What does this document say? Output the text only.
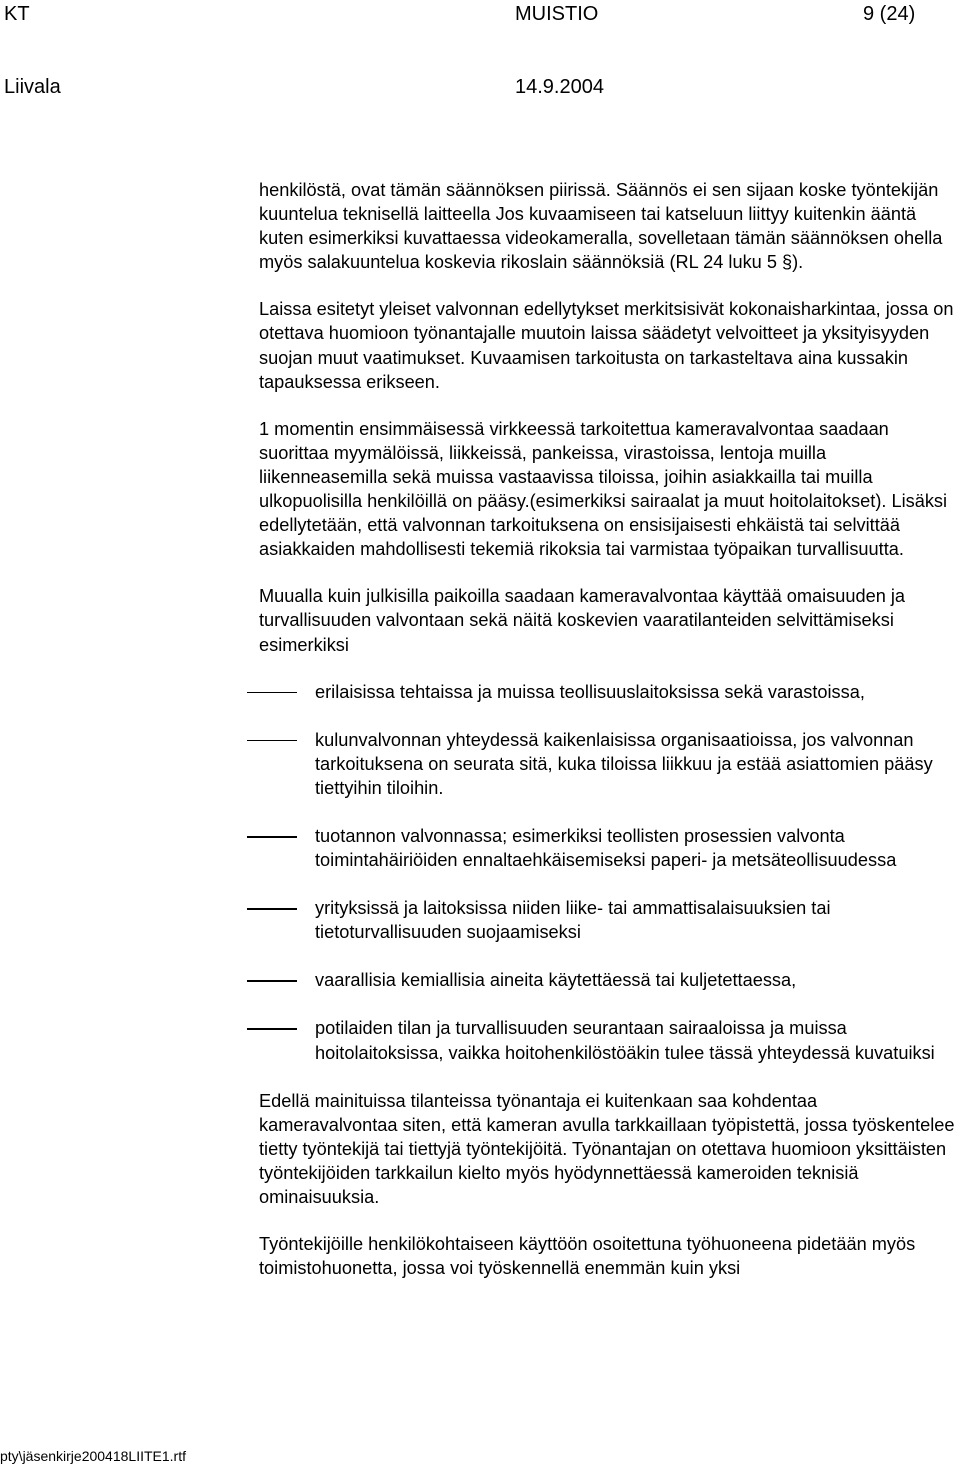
KT	MUISTIO	9 (24)
Liivala	14.9.2004

henkilöstä, ovat tämän säännöksen piirissä. Säännös ei sen sijaan koske työntekijän kuuntelua teknisellä laitteella Jos kuvaamiseen tai katseluun liittyy kuitenkin ääntä kuten esimerkiksi kuvattaessa videokameralla, sovelletaan tämän säännöksen ohella myös salakuuntelua koskevia rikoslain säännöksiä (RL 24 luku 5 §).

Laissa esitetyt yleiset valvonnan edellytykset merkitsisivät kokonaisharkintaa, jossa on otettava huomioon työnantajalle muutoin laissa säädetyt velvoitteet ja yksityisyyden suojan muut vaatimukset. Kuvaamisen tarkoitusta on tarkasteltava aina kussakin tapauksessa erikseen.

1 momentin ensimmäisessä virkkeessä tarkoitettua kameravalvontaa saadaan suorittaa myymälöissä, liikkeissä, pankeissa, virastoissa, lentoja muilla liikenneasemilla sekä muissa vastaavissa tiloissa, joihin asiakkailla tai muilla ulkopuolisilla henkilöillä on pääsy.(esimerkiksi sairaalat ja muut hoitolaitokset). Lisäksi edellytetään, että valvonnan tarkoituksena on ensisijaisesti ehkäistä tai selvittää asiakkaiden mahdollisesti tekemiä rikoksia tai varmistaa työpaikan turvallisuutta.

Muualla kuin julkisilla paikoilla saadaan kameravalvontaa käyttää omaisuuden ja turvallisuuden valvontaan sekä näitä koskevien vaaratilanteiden selvittämiseksi esimerkiksi

erilaisissa tehtaissa ja muissa teollisuuslaitoksissa sekä varastoissa,
kulunvalvonnan yhteydessä kaikenlaisissa organisaatioissa, jos valvonnan tarkoituksena on seurata sitä, kuka tiloissa liikkuu ja estää asiattomien pääsy tiettyihin tiloihin.
tuotannon valvonnassa; esimerkiksi teollisten prosessien valvonta toimintahäiriöiden ennaltaehkäisemiseksi paperi- ja metsäteollisuudessa
yrityksissä ja laitoksissa niiden liike- tai ammattisalaisuuksien tai tietoturvallisuuden suojaamiseksi
vaarallisia kemiallisia aineita käytettäessä tai kuljetettaessa,
potilaiden tilan ja turvallisuuden seurantaan sairaaloissa ja muissa hoitolaitoksissa, vaikka hoitohenkilöstöäkin tulee tässä yhteydessä kuvatuiksi

Edellä mainituissa tilanteissa työnantaja ei kuitenkaan saa kohdentaa kameravalvontaa siten, että kameran avulla tarkkaillaan työpistettä, jossa työskentelee tietty työntekijä tai tiettyjä työntekijöitä. Työnantajan on otettava huomioon yksittäisten työntekijöiden tarkkailun kielto myös hyödynnettäessä kameroiden teknisiä ominaisuuksia.

Työntekijöille henkilökohtaiseen käyttöön osoitettuna työhuoneena pidetään myös toimistohuonetta, jossa voi työskennellä enemmän kuin yksi

pty\jäsenkirje200418LIITE1.rtf
